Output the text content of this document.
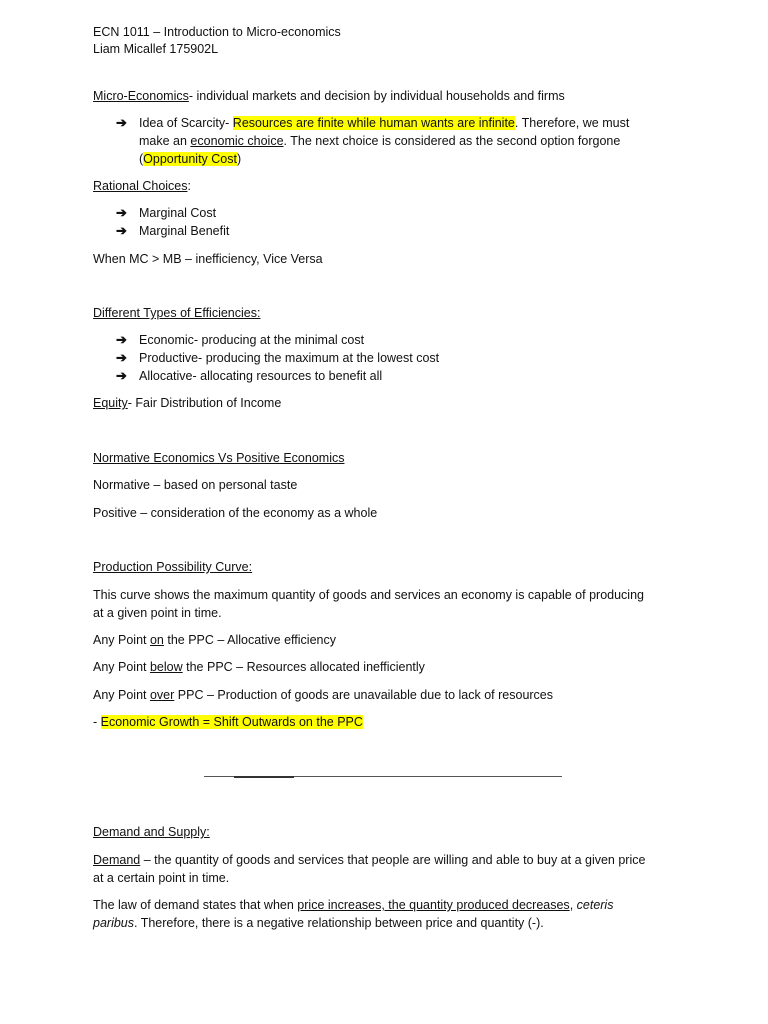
ECN 1011 – Introduction to Micro-economics
Liam Micallef 175902L
Micro-Economics- individual markets and decision by individual households and firms
➔ Idea of Scarcity- Resources are finite while human wants are infinite. Therefore, we must
make an economic choice. The next choice is considered as the second option forgone
(Opportunity Cost)
Rational Choices:
➔ Marginal Cost
➔ Marginal Benefit
When MC > MB – inefficiency, Vice Versa
Different Types of Efficiencies:
➔ Economic- producing at the minimal cost
➔ Productive- producing the maximum at the lowest cost
➔ Allocative- allocating resources to benefit all
Equity- Fair Distribution of Income
Normative Economics Vs Positive Economics
Normative – based on personal taste
Positive – consideration of the economy as a whole
Production Possibility Curve:
This curve shows the maximum quantity of goods and services an economy is capable of producing
at a given point in time.
Any Point on the PPC – Allocative efficiency
Any Point below the PPC – Resources allocated inefficiently
Any Point over PPC – Production of goods are unavailable due to lack of resources
- Economic Growth = Shift Outwards on the PPC
Demand and Supply:
Demand – the quantity of goods and services that people are willing and able to buy at a given price
at a certain point in time.
The law of demand states that when price increases, the quantity produced decreases, ceteris
paribus. Therefore, there is a negative relationship between price and quantity (-).
